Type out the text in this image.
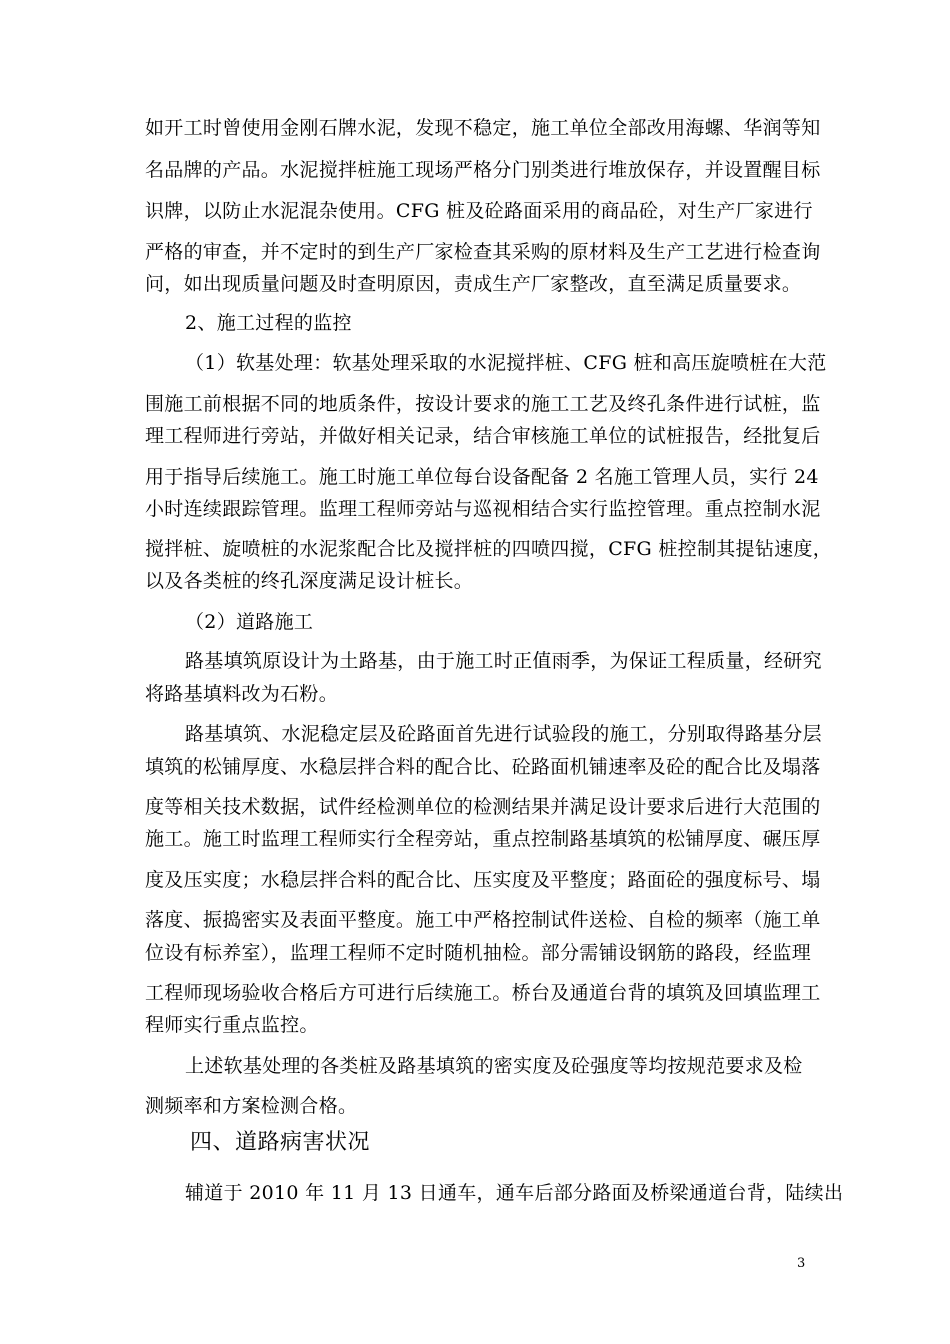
如开工时曾使用金刚石牌水泥，发现不稳定，施工单位全部改用海螺、华润等知
名品牌的产品。水泥搅拌桩施工现场严格分门别类进行堆放保存，并设置醒目标
识牌，以防止水泥混杂使用。CFG 桩及砼路面采用的商品砼，对生产厂家进行
严格的审查，并不定时的到生产厂家检查其采购的原材料及生产工艺进行检查询
问，如出现质量问题及时查明原因，责成生产厂家整改，直至满足质量要求。
2、施工过程的监控
（1）软基处理：软基处理采取的水泥搅拌桩、CFG 桩和高压旋喷桩在大范
围施工前根据不同的地质条件，按设计要求的施工工艺及终孔条件进行试桩，监
理工程师进行旁站，并做好相关记录，结合审核施工单位的试桩报告，经批复后
用于指导后续施工。施工时施工单位每台设备配备 2 名施工管理人员，实行 24
小时连续跟踪管理。监理工程师旁站与巡视相结合实行监控管理。重点控制水泥
搅拌桩、旋喷桩的水泥浆配合比及搅拌桩的四喷四搅，CFG 桩控制其提钻速度，
以及各类桩的终孔深度满足设计桩长。
（2）道路施工
路基填筑原设计为土路基，由于施工时正值雨季，为保证工程质量，经研究
将路基填料改为石粉。
路基填筑、水泥稳定层及砼路面首先进行试验段的施工，分别取得路基分层
填筑的松铺厚度、水稳层拌合料的配合比、砼路面机铺速率及砼的配合比及塌落
度等相关技术数据，试件经检测单位的检测结果并满足设计要求后进行大范围的
施工。施工时监理工程师实行全程旁站，重点控制路基填筑的松铺厚度、碾压厚
度及压实度；水稳层拌合料的配合比、压实度及平整度；路面砼的强度标号、塌
落度、振捣密实及表面平整度。施工中严格控制试件送检、自检的频率（施工单
位设有标养室），监理工程师不定时随机抽检。部分需铺设钢筋的路段，经监理
工程师现场验收合格后方可进行后续施工。桥台及通道台背的填筑及回填监理工
程师实行重点监控。
上述软基处理的各类桩及路基填筑的密实度及砼强度等均按规范要求及检
测频率和方案检测合格。
四、道路病害状况
辅道于 2010 年 11 月 13 日通车，通车后部分路面及桥梁通道台背，陆续出
3
